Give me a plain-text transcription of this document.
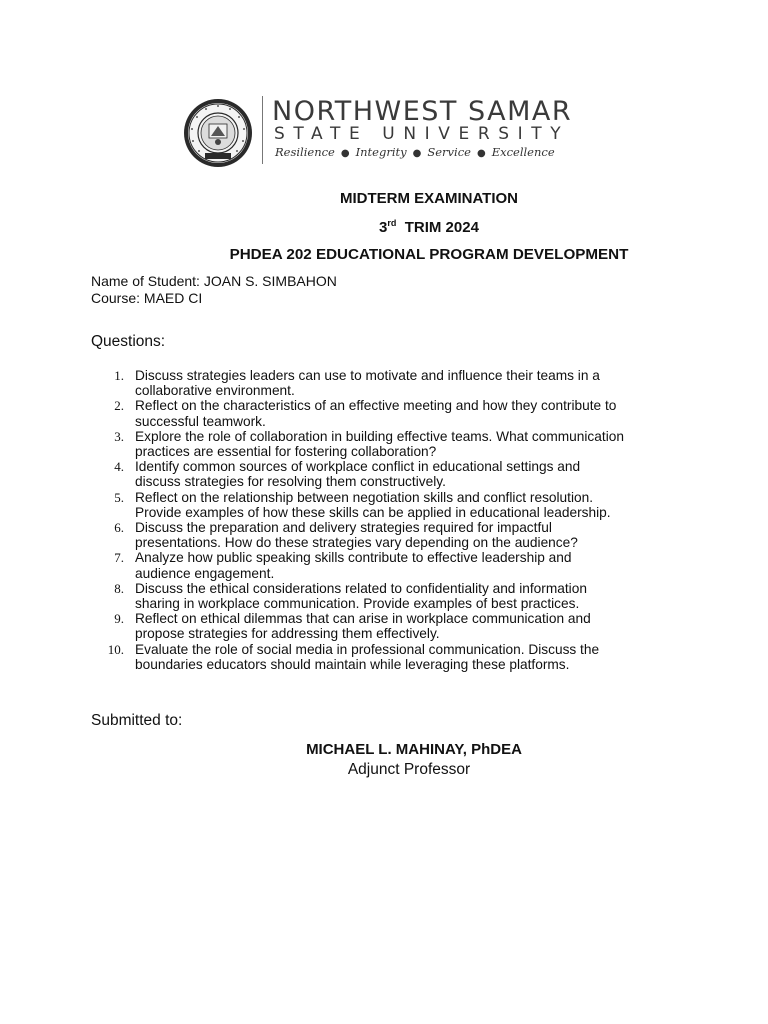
NORTHWEST SAMAR
STATE UNIVERSITY
Resilience ● Integrity ● Service ● Excellence
MIDTERM EXAMINATION
3rd TRIM 2024
PHDEA 202 EDUCATIONAL PROGRAM DEVELOPMENT
Name of Student: JOAN S. SIMBAHON
Course: MAED CI
Questions:
1. Discuss strategies leaders can use to motivate and influence their teams in a
collaborative environment.
2. Reflect on the characteristics of an effective meeting and how they contribute to
successful teamwork.
3. Explore the role of collaboration in building effective teams. What communication
practices are essential for fostering collaboration?
4. Identify common sources of workplace conflict in educational settings and
discuss strategies for resolving them constructively.
5. Reflect on the relationship between negotiation skills and conflict resolution.
Provide examples of how these skills can be applied in educational leadership.
6. Discuss the preparation and delivery strategies required for impactful
presentations. How do these strategies vary depending on the audience?
7. Analyze how public speaking skills contribute to effective leadership and
audience engagement.
8. Discuss the ethical considerations related to confidentiality and information
sharing in workplace communication. Provide examples of best practices.
9. Reflect on ethical dilemmas that can arise in workplace communication and
propose strategies for addressing them effectively.
10. Evaluate the role of social media in professional communication. Discuss the
boundaries educators should maintain while leveraging these platforms.
Submitted to:
MICHAEL L. MAHINAY, PhDEA
Adjunct Professor
